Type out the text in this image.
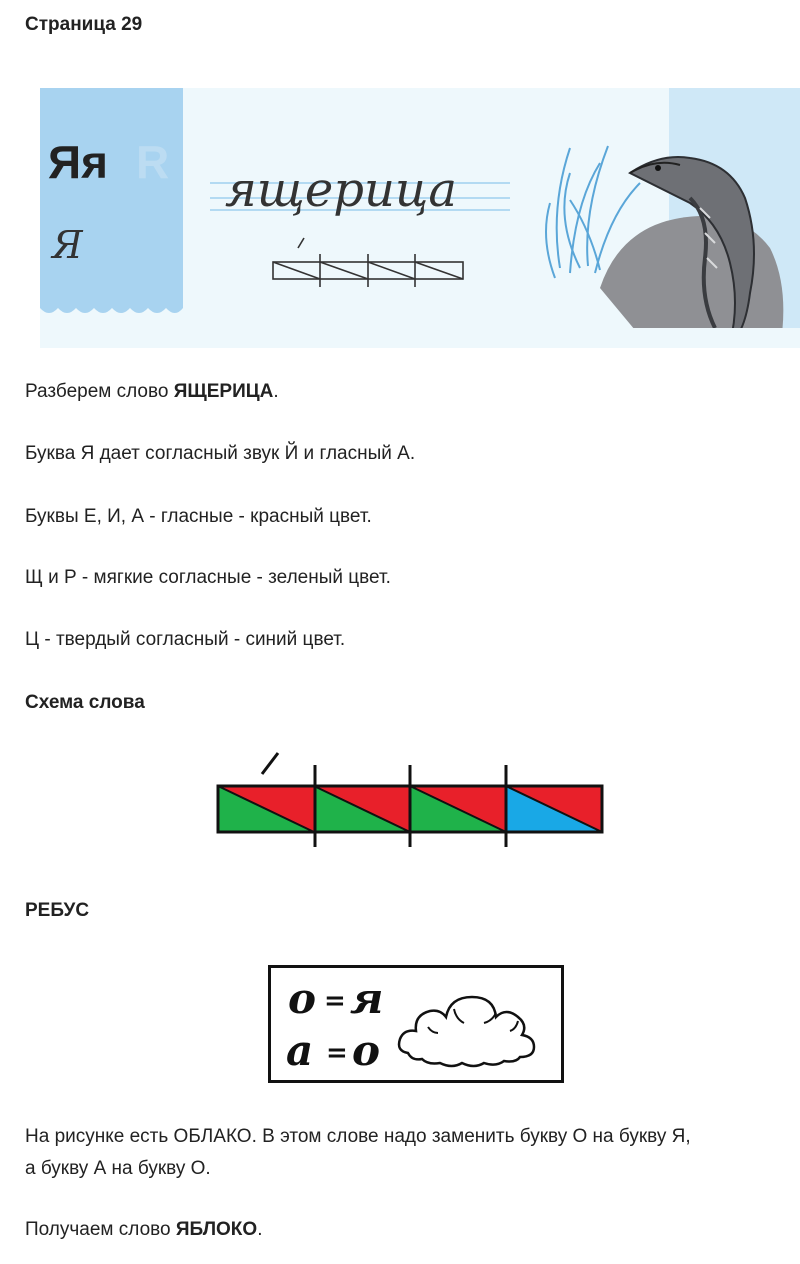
Страница 29
Яя R
Я
ящерица
Разберем слово ЯЩЕРИЦА.
Буква Я дает согласный звук Й и гласный А.
Буквы Е, И, А - гласные - красный цвет.
Щ и Р - мягкие согласные - зеленый цвет.
Ц - твердый согласный - синий цвет.
Схема слова
РЕБУС
о = я
а = о
На рисунке есть ОБЛАКО. В этом слове надо заменить букву О на букву Я,
а букву А на букву О.
Получаем слово ЯБЛОКО.
